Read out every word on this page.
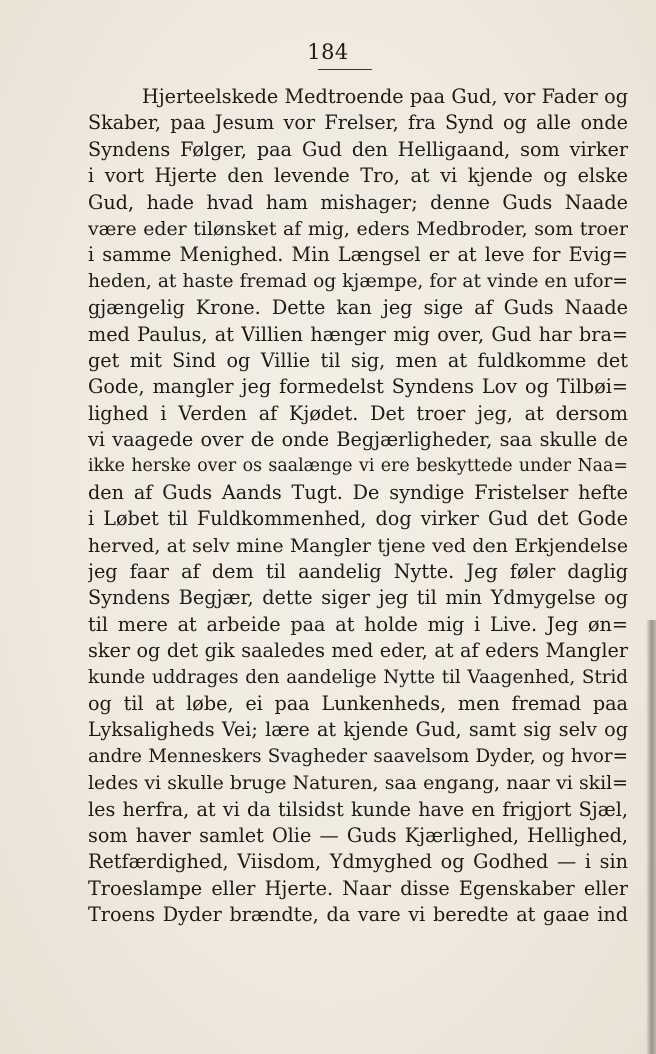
184
Hjerteelskede Medtroende paa Gud, vor Fader og
Skaber, paa Jesum vor Frelser, fra Synd og alle onde
Syndens Følger, paa Gud den Helligaand, som virker
i vort Hjerte den levende Tro, at vi kjende og elske
Gud, hade hvad ham mishager; denne Guds Naade
være eder tilønsket af mig, eders Medbroder, som troer
i samme Menighed. Min Længsel er at leve for Evig=
heden, at haste fremad og kjæmpe, for at vinde en ufor=
gjængelig Krone. Dette kan jeg sige af Guds Naade
med Paulus, at Villien hænger mig over, Gud har bra=
get mit Sind og Villie til sig, men at fuldkomme det
Gode, mangler jeg formedelst Syndens Lov og Tilbøi=
lighed i Verden af Kjødet. Det troer jeg, at dersom
vi vaagede over de onde Begjærligheder, saa skulle de
ikke herske over os saalænge vi ere beskyttede under Naa=
den af Guds Aands Tugt. De syndige Fristelser hefte
i Løbet til Fuldkommenhed, dog virker Gud det Gode
herved, at selv mine Mangler tjene ved den Erkjendelse
jeg faar af dem til aandelig Nytte. Jeg føler daglig
Syndens Begjær, dette siger jeg til min Ydmygelse og
til mere at arbeide paa at holde mig i Live. Jeg øn=
sker og det gik saaledes med eder, at af eders Mangler
kunde uddrages den aandelige Nytte til Vaagenhed, Strid
og til at løbe, ei paa Lunkenheds, men fremad paa
Lyksaligheds Vei; lære at kjende Gud, samt sig selv og
andre Menneskers Svagheder saavelsom Dyder, og hvor=
ledes vi skulle bruge Naturen, saa engang, naar vi skil=
les herfra, at vi da tilsidst kunde have en frigjort Sjæl,
som haver samlet Olie — Guds Kjærlighed, Hellighed,
Retfærdighed, Viisdom, Ydmyghed og Godhed — i sin
Troeslampe eller Hjerte. Naar disse Egenskaber eller
Troens Dyder brændte, da vare vi beredte at gaae ind
